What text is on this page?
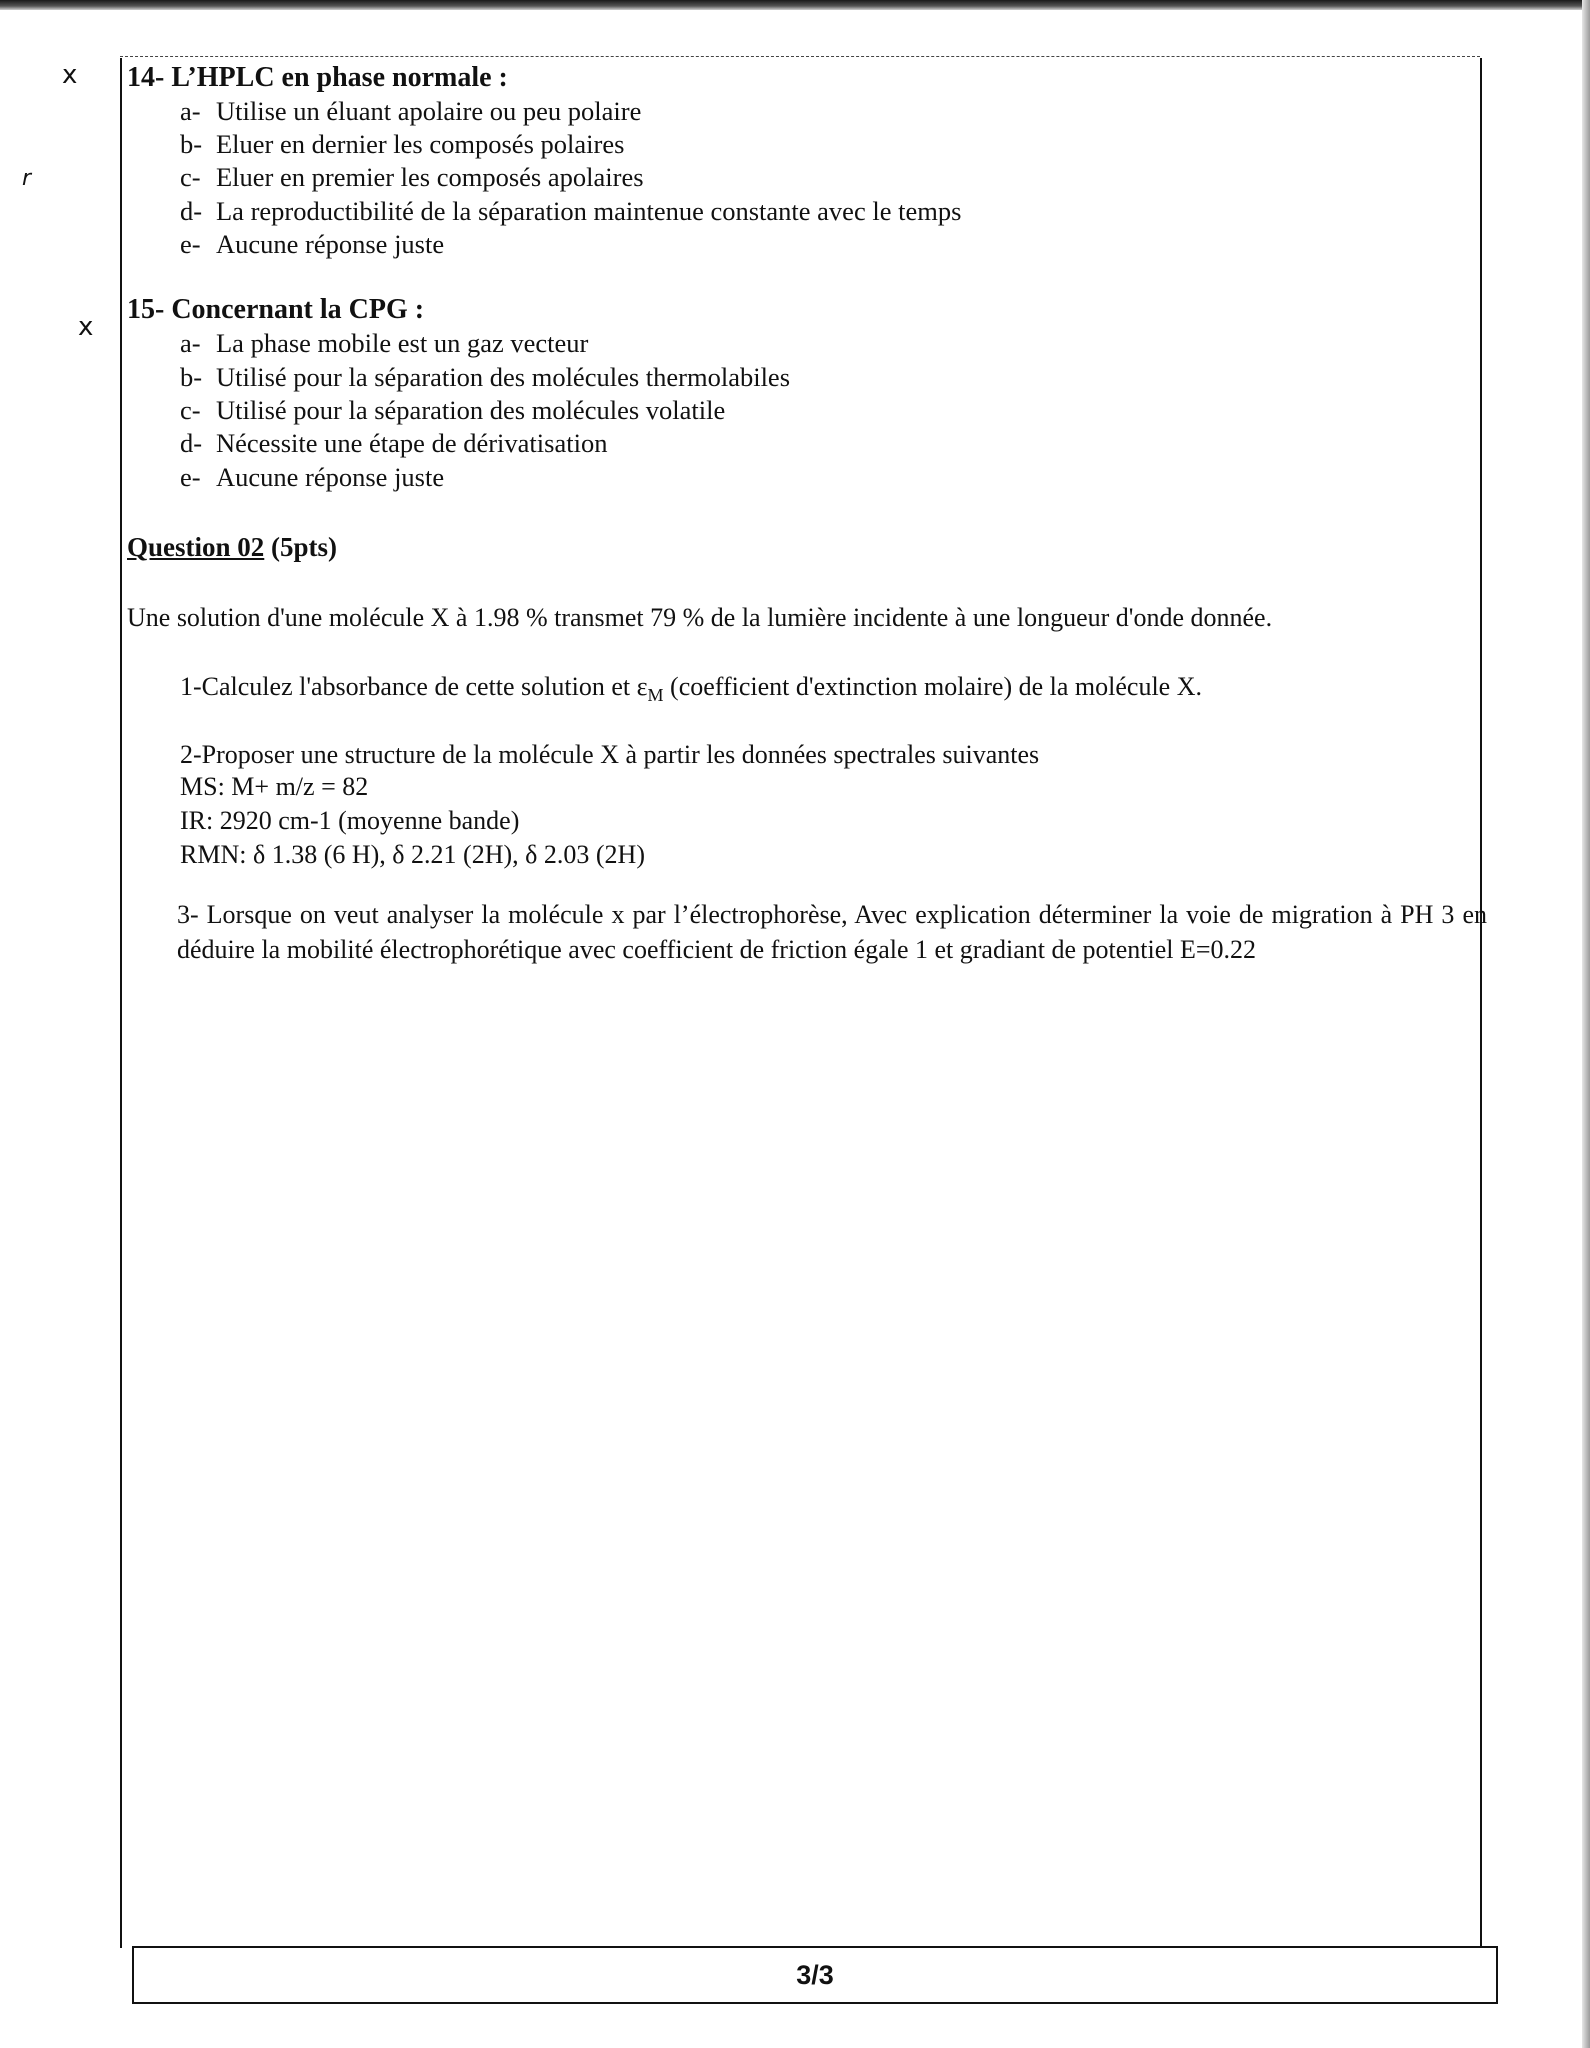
x
r
x
14- L’HPLC en phase normale :
a- Utilise un éluant apolaire ou peu polaire
b- Eluer en dernier les composés polaires
c- Eluer en premier les composés apolaires
d- La reproductibilité de la séparation maintenue constante avec le temps
e- Aucune réponse juste
15- Concernant la CPG :
a- La phase mobile est un gaz vecteur
b- Utilisé pour la séparation des molécules thermolabiles
c- Utilisé pour la séparation des molécules volatile
d- Nécessite une étape de dérivatisation
e- Aucune réponse juste
Question 02 (5pts)
Une solution d'une molécule X à 1.98 % transmet 79 % de la lumière incidente à une longueur d'onde donnée.
1-Calculez l'absorbance de cette solution et $\varepsilon_M$ (coefficient d'extinction molaire) de la molécule X.
2-Proposer une structure de la molécule X à partir les données spectrales suivantes
MS: M+ m/z = 82
IR: 2920 cm-1 (moyenne bande)
RMN: δ 1.38 (6 H), δ 2.21 (2H), δ 2.03 (2H)
3- Lorsque on veut analyser la molécule x par l’électrophorèse, Avec explication déterminer la voie de migration à PH 3 en déduire la mobilité électrophorétique avec coefficient de friction égale 1 et gradiant de potentiel E=0.22
3/3
